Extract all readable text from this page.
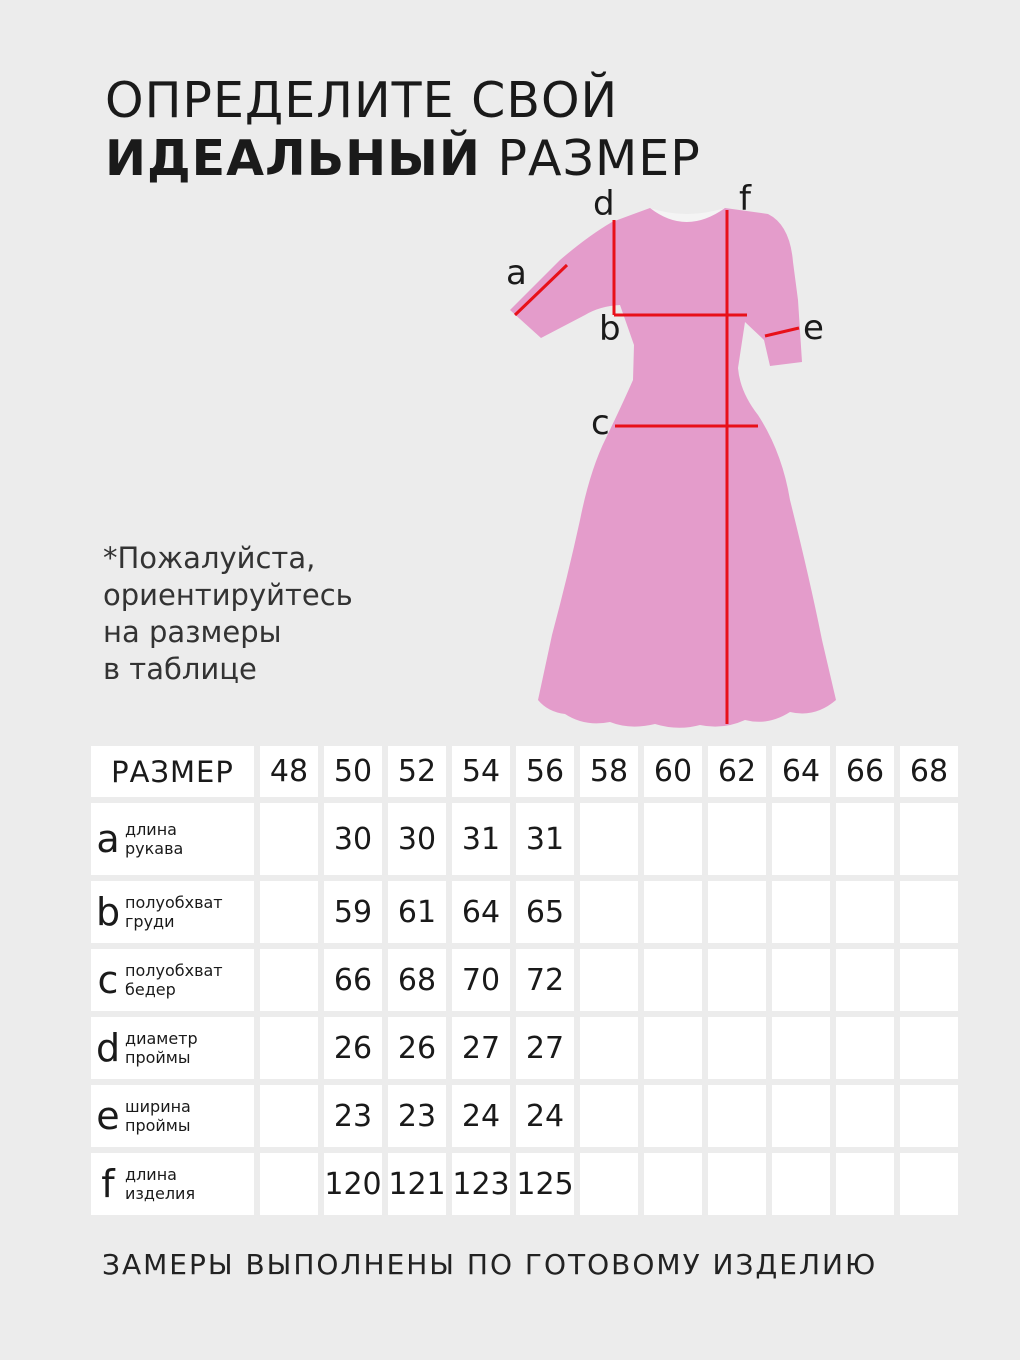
ОПРЕДЕЛИТЕ СВОЙ
ИДЕАЛЬНЫЙ РАЗМЕР
d	f
a
b	e
c
*Пожалуйста,
ориентируйтесь
на размеры
в таблице
РАЗМЕР	48	50	52	54	56	58	60	62	64	66	68

a длина
рукава		30	30	31	31						

b полуобхват
груди		59	61	64	65						

c полуобхват
бедер		66	68	70	72						

d диаметр
проймы		26	26	27	27						

e ширина
проймы		23	23	24	24						

f длина
изделия		120	121	123	125						
ЗАМЕРЫ ВЫПОЛНЕНЫ ПО ГОТОВОМУ ИЗДЕЛИЮ
